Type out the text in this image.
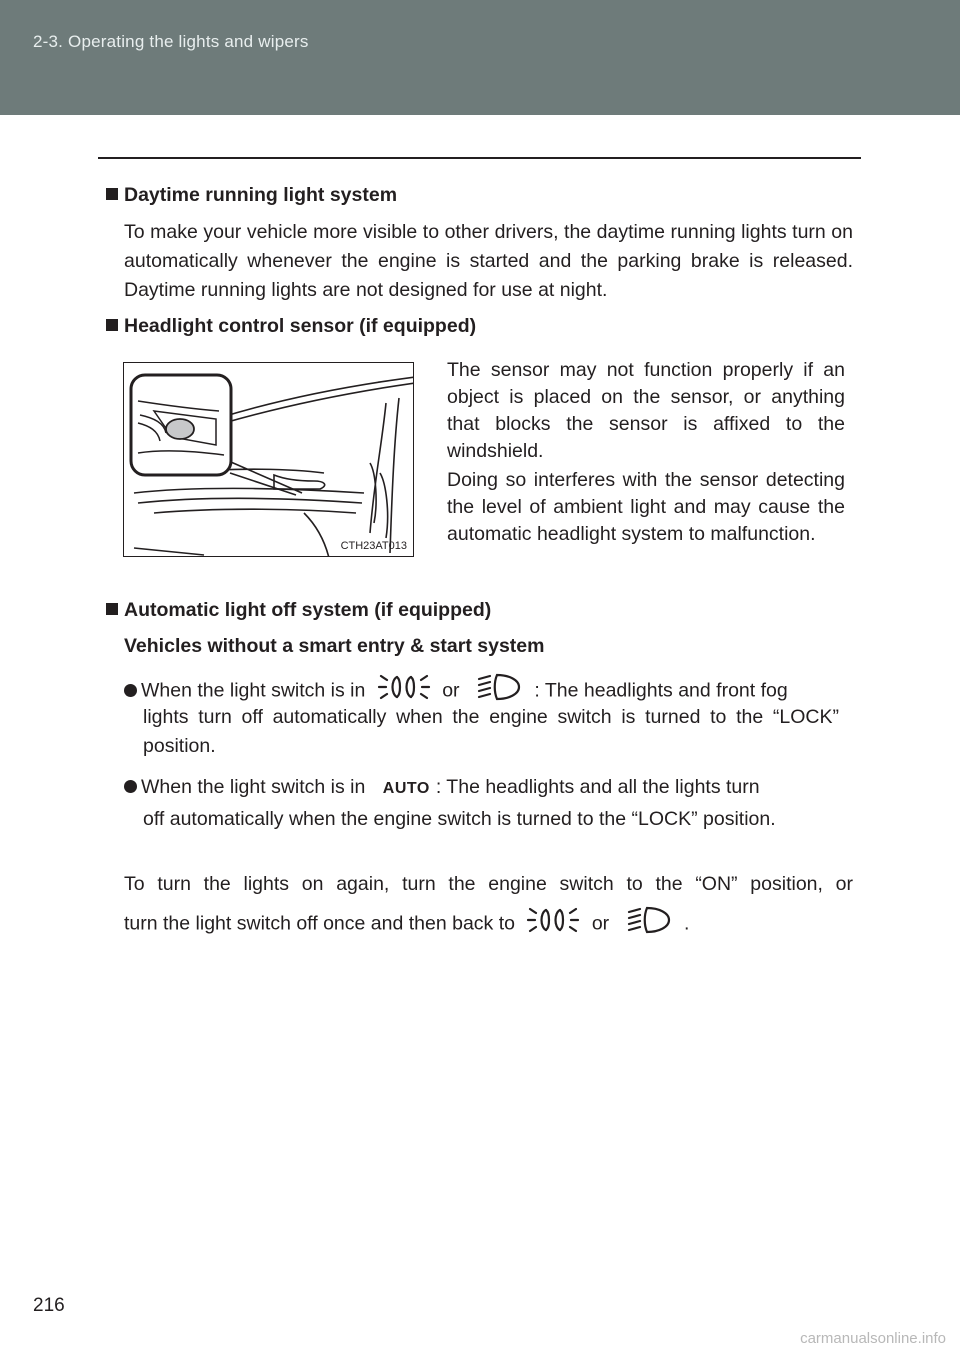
2-3. Operating the lights and wipers
Daytime running light system
To make your vehicle more visible to other drivers, the daytime running lights turn on automatically whenever the engine is started and the parking brake is released. Daytime running lights are not designed for use at night.
Headlight control sensor (if equipped)
CTH23AT013
The sensor may not function properly if an object is placed on the sensor, or anything that blocks the sensor is affixed to the windshield.
Doing so interferes with the sensor detecting the level of ambient light and may cause the automatic headlight system to malfunction.
Automatic light off system (if equipped)
Vehicles without a smart entry & start system
When the light switch is in	or	: The headlights and front fog
lights turn off automatically when the engine switch is turned to the “LOCK” position.
When the light switch is in AUTO : The headlights and all the lights turn
off automatically when the engine switch is turned to the “LOCK” position.
To turn the lights on again, turn the engine switch to the “ON” position, or
turn the light switch off once and then back to	or	.
216
carmanualsonline.info
